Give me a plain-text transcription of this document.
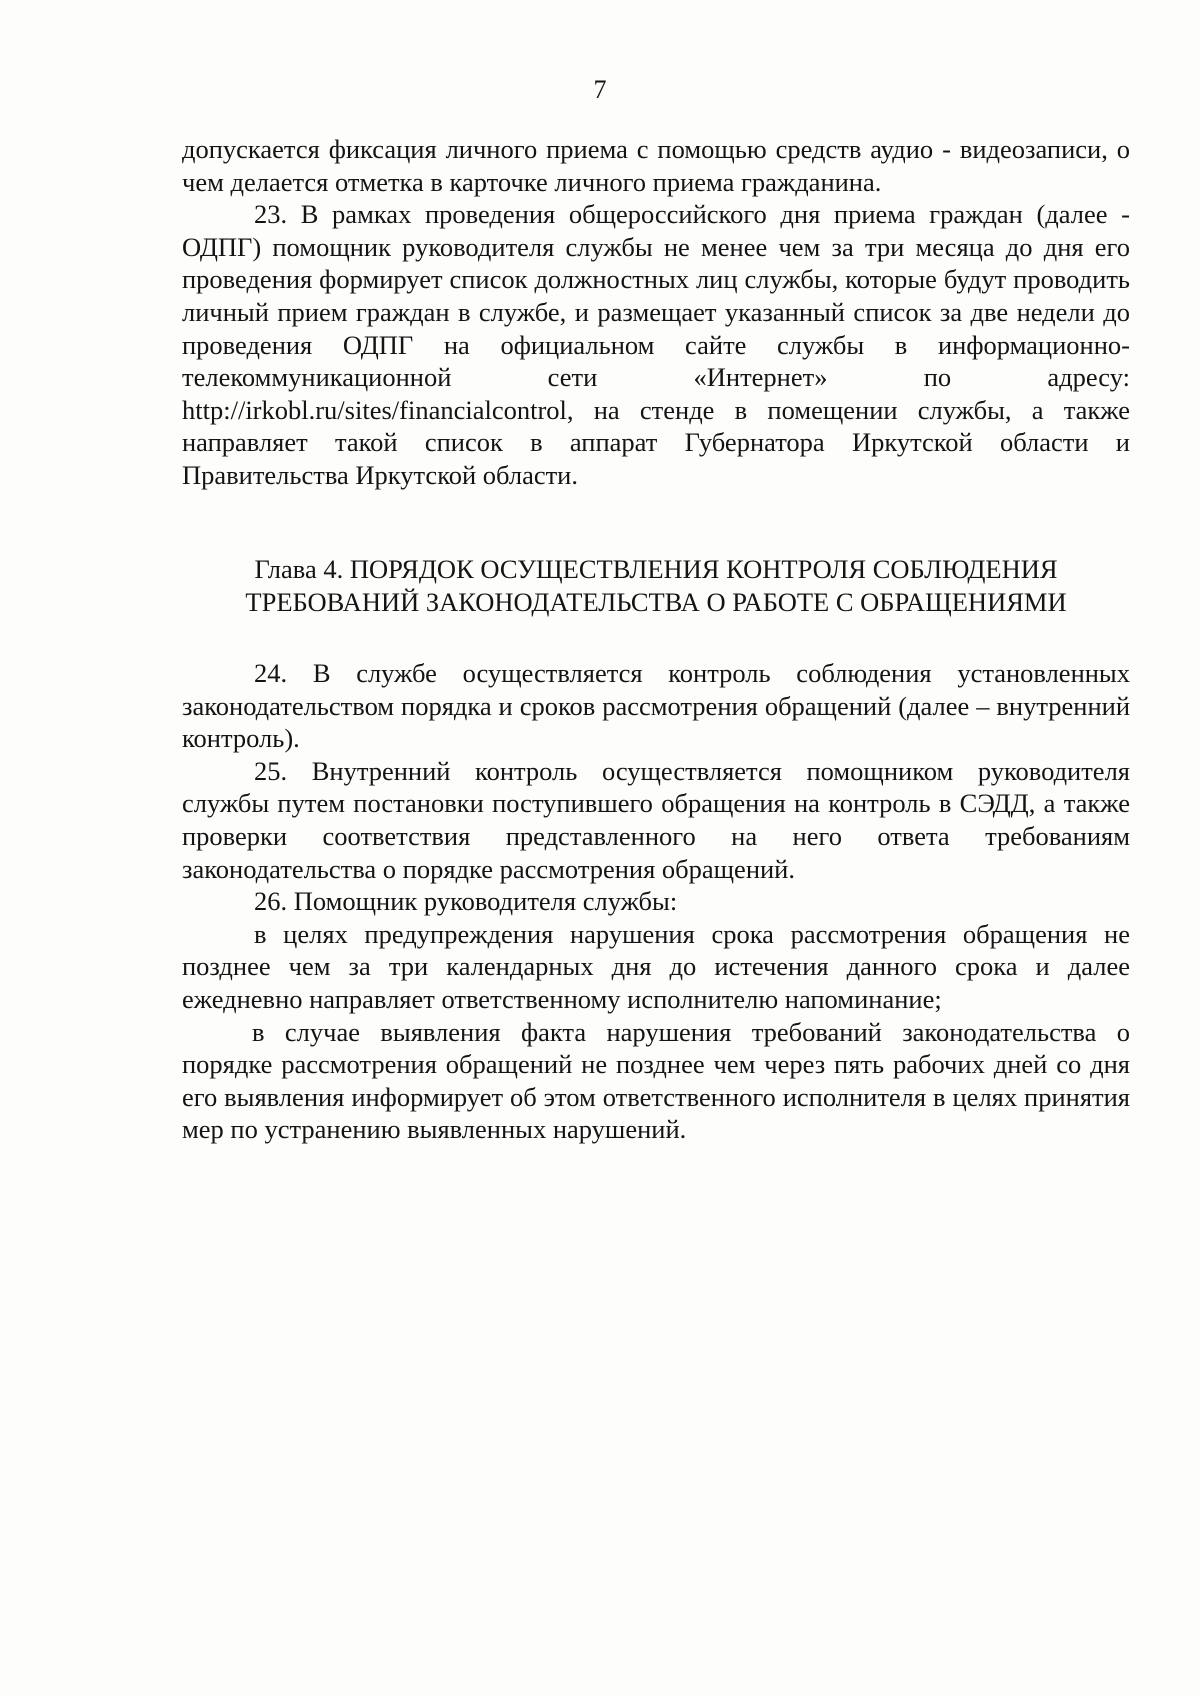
7

допускается фиксация личного приема с помощью средств аудио - видеозаписи, о чем делается отметка в карточке личного приема гражданина.

23. В рамках проведения общероссийского дня приема граждан (далее - ОДПГ) помощник руководителя службы не менее чем за три месяца до дня его проведения формирует список должностных лиц службы, которые будут проводить личный прием граждан в службе, и размещает указанный список за две недели до проведения ОДПГ на официальном сайте службы в информационно-телекоммуникационной сети «Интернет» по адресу: http://irkobl.ru/sites/financialcontrol, на стенде в помещении службы, а также направляет такой список в аппарат Губернатора Иркутской области и Правительства Иркутской области.

Глава 4. ПОРЯДОК ОСУЩЕСТВЛЕНИЯ КОНТРОЛЯ СОБЛЮДЕНИЯ
ТРЕБОВАНИЙ ЗАКОНОДАТЕЛЬСТВА О РАБОТЕ С ОБРАЩЕНИЯМИ

24. В службе осуществляется контроль соблюдения установленных законодательством порядка и сроков рассмотрения обращений (далее – внутренний контроль).

25. Внутренний контроль осуществляется помощником руководителя службы путем постановки поступившего обращения на контроль в СЭДД, а также проверки соответствия представленного на него ответа требованиям законодательства о порядке рассмотрения обращений.

26. Помощник руководителя службы:

в целях предупреждения нарушения срока рассмотрения обращения не позднее чем за три календарных дня до истечения данного срока и далее ежедневно направляет ответственному исполнителю напоминание;

в случае выявления факта нарушения требований законодательства о порядке рассмотрения обращений не позднее чем через пять рабочих дней со дня его выявления информирует об этом ответственного исполнителя в целях принятия мер по устранению выявленных нарушений.
